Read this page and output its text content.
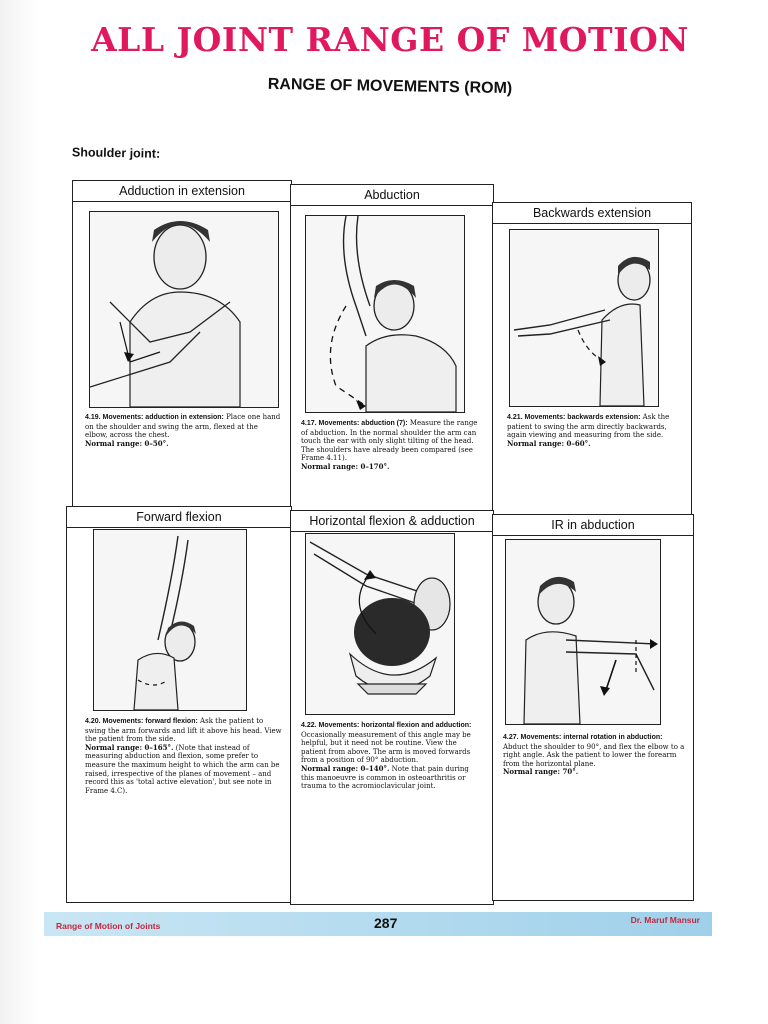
ALL JOINT RANGE OF MOTION
RANGE OF MOVEMENTS (ROM)
Shoulder joint:
Adduction in extension
4.19. Movements: adduction in extension: Place one hand on the shoulder and swing the arm, flexed at the elbow, across the chest.
Normal range: 0–50°.
Abduction
4.17. Movements: abduction (7): Measure the range of abduction. In the normal shoulder the arm can touch the ear with only slight tilting of the head. The shoulders have already been compared (see Frame 4.11).
Normal range: 0–170°.
Backwards extension
4.21. Movements: backwards extension: Ask the patient to swing the arm directly backwards, again viewing and measuring from the side.
Normal range: 0–60°.
Forward flexion
4.20. Movements: forward flexion: Ask the patient to swing the arm forwards and lift it above his head. View the patient from the side.
Normal range: 0–165°. (Note that instead of measuring abduction and flexion, some prefer to measure the maximum height to which the arm can be raised, irrespective of the planes of movement – and record this as 'total active elevation', but see note in Frame 4.C).
Horizontal flexion & adduction
4.22. Movements: horizontal flexion and adduction: Occasionally measurement of this angle may be helpful, but it need not be routine. View the patient from above. The arm is moved forwards from a position of 90° abduction.
Normal range: 0–140°. Note that pain during this manoeuvre is common in osteoarthritis or trauma to the acromioclavicular joint.
IR in abduction
4.27. Movements: internal rotation in abduction: Abduct the shoulder to 90°, and flex the elbow to a right angle. Ask the patient to lower the forearm from the horizontal plane.
Normal range: 70°.
Range of Motion of Joints	287	Dr. Maruf Mansur
